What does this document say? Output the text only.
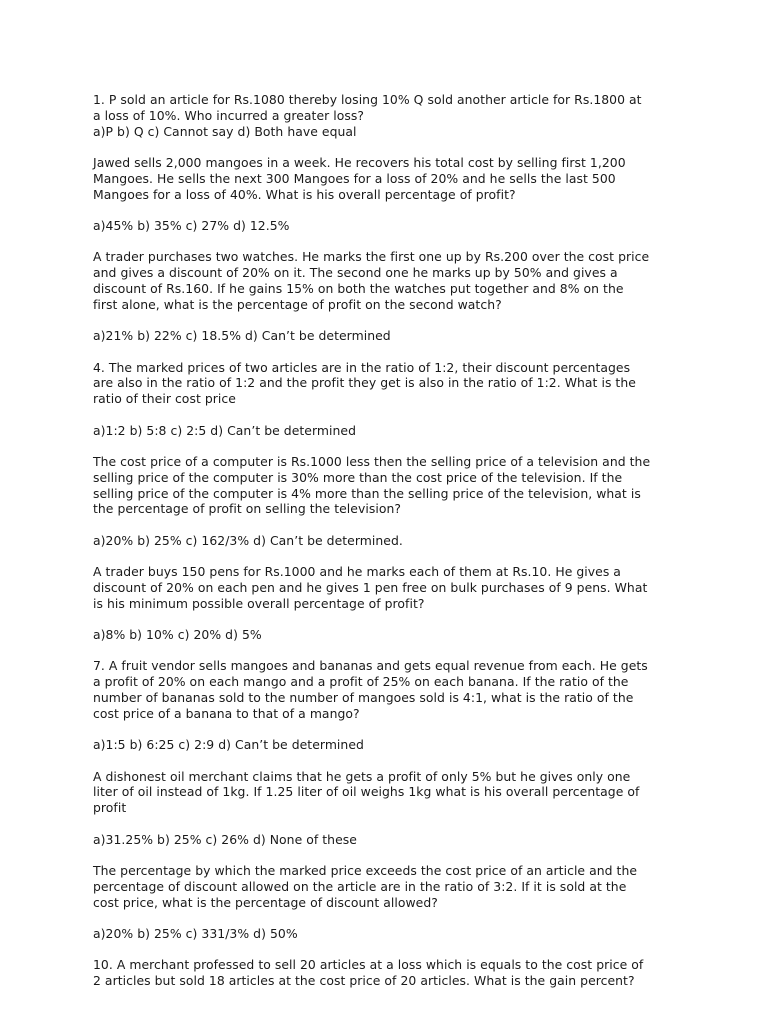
1. P sold an article for Rs.1080 thereby losing 10% Q sold another article for Rs.1800 at
a loss of 10%. Who incurred a greater loss?
a)P b) Q c) Cannot say d) Both have equal
Jawed sells 2,000 mangoes in a week. He recovers his total cost by selling first 1,200
Mangoes. He sells the next 300 Mangoes for a loss of 20% and he sells the last 500
Mangoes for a loss of 40%. What is his overall percentage of profit?
a)45% b) 35% c) 27% d) 12.5%
A trader purchases two watches. He marks the first one up by Rs.200 over the cost price
and gives a discount of 20% on it. The second one he marks up by 50% and gives a
discount of Rs.160. If he gains 15% on both the watches put together and 8% on the
first alone, what is the percentage of profit on the second watch?
a)21% b) 22% c) 18.5% d) Can’t be determined
4. The marked prices of two articles are in the ratio of 1:2, their discount percentages
are also in the ratio of 1:2 and the profit they get is also in the ratio of 1:2. What is the
ratio of their cost price
a)1:2 b) 5:8 c) 2:5 d) Can’t be determined
The cost price of a computer is Rs.1000 less then the selling price of a television and the
selling price of the computer is 30% more than the cost price of the television. If the
selling price of the computer is 4% more than the selling price of the television, what is
the percentage of profit on selling the television?
a)20% b) 25% c) 162/3% d) Can’t be determined.
A trader buys 150 pens for Rs.1000 and he marks each of them at Rs.10. He gives a
discount of 20% on each pen and he gives 1 pen free on bulk purchases of 9 pens. What
is his minimum possible overall percentage of profit?
a)8% b) 10% c) 20% d) 5%
7. A fruit vendor sells mangoes and bananas and gets equal revenue from each. He gets
a profit of 20% on each mango and a profit of 25% on each banana. If the ratio of the
number of bananas sold to the number of mangoes sold is 4:1, what is the ratio of the
cost price of a banana to that of a mango?
a)1:5 b) 6:25 c) 2:9 d) Can’t be determined
A dishonest oil merchant claims that he gets a profit of only 5% but he gives only one
liter of oil instead of 1kg. If 1.25 liter of oil weighs 1kg what is his overall percentage of
profit
a)31.25% b) 25% c) 26% d) None of these
The percentage by which the marked price exceeds the cost price of an article and the
percentage of discount allowed on the article are in the ratio of 3:2. If it is sold at the
cost price, what is the percentage of discount allowed?
a)20% b) 25% c) 331/3% d) 50%
10. A merchant professed to sell 20 articles at a loss which is equals to the cost price of
2 articles but sold 18 articles at the cost price of 20 articles. What is the gain percent?
